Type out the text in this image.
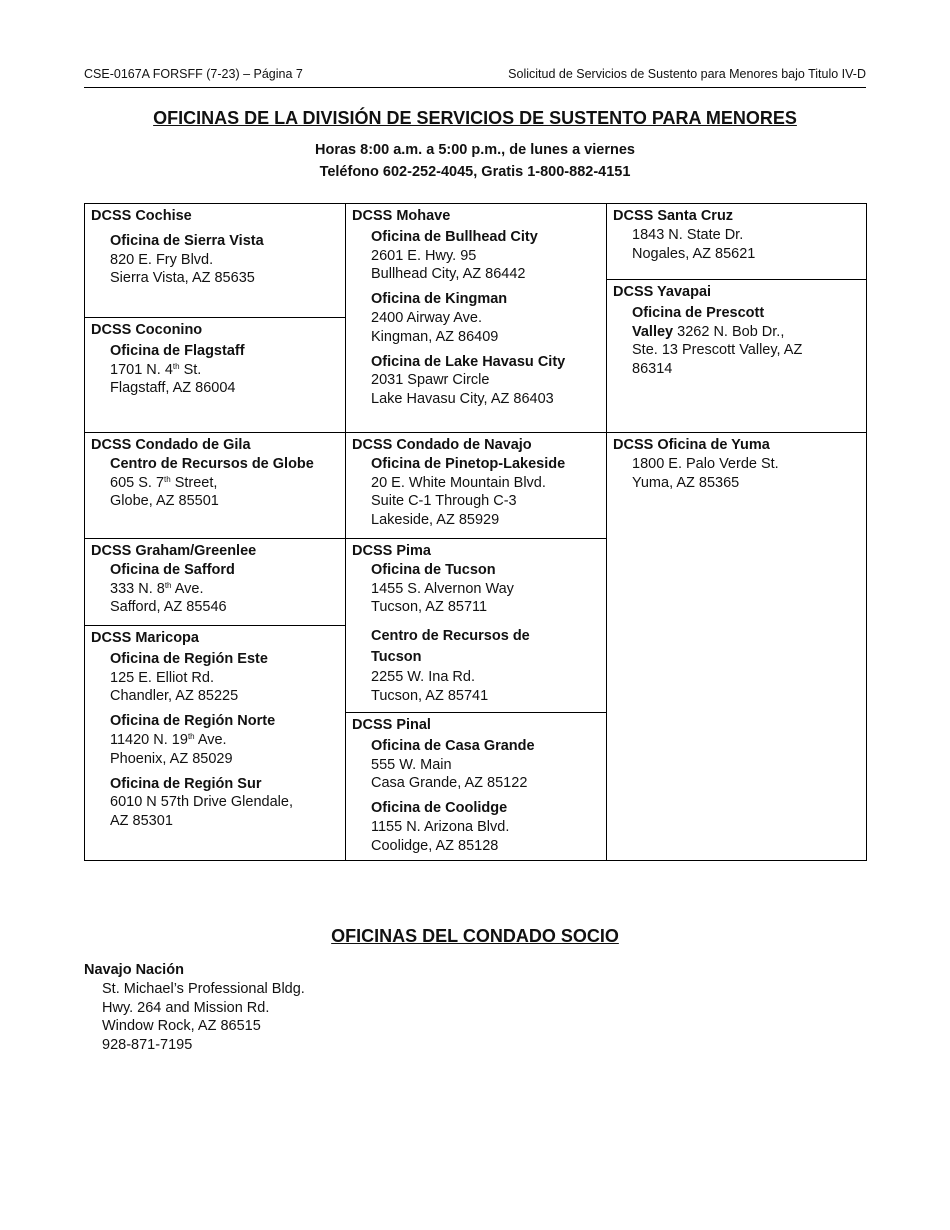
CSE-0167A FORSFF (7-23) – Página 7	Solicitud de Servicios de Sustento para Menores bajo Titulo IV-D
OFICINAS DE LA DIVISIÓN DE SERVICIOS DE SUSTENTO PARA MENORES
Horas 8:00 a.m. a 5:00 p.m., de lunes a viernes
Teléfono 602-252-4045, Gratis 1-800-882-4151
DCSS Cochise
Oficina de Sierra Vista
820 E. Fry Blvd.
Sierra Vista, AZ 85635
DCSS Coconino
Oficina de Flagstaff
1701 N. 4th St.
Flagstaff, AZ 86004
DCSS Mohave
Oficina de Bullhead City
2601 E. Hwy. 95
Bullhead City, AZ 86442
Oficina de Kingman
2400 Airway Ave.
Kingman, AZ 86409
Oficina de Lake Havasu City
2031 Spawr Circle
Lake Havasu City, AZ 86403
DCSS Santa Cruz
1843 N. State Dr.
Nogales, AZ 85621
DCSS Yavapai
Oficina de Prescott
Valley 3262 N. Bob Dr.,
Ste. 13 Prescott Valley, AZ
86314
DCSS Condado de Gila
Centro de Recursos de Globe
605 S. 7th Street,
Globe, AZ 85501
DCSS Condado de Navajo
Oficina de Pinetop-Lakeside
20 E. White Mountain Blvd.
Suite C-1 Through C-3
Lakeside, AZ 85929
DCSS Oficina de Yuma
1800 E. Palo Verde St.
Yuma, AZ 85365
DCSS Graham/Greenlee
Oficina de Safford
333 N. 8th Ave.
Safford, AZ 85546
DCSS Maricopa
Oficina de Región Este
125 E. Elliot Rd.
Chandler, AZ 85225
Oficina de Región Norte
11420 N. 19th Ave.
Phoenix, AZ 85029
Oficina de Región Sur
6010 N 57th Drive Glendale,
AZ 85301
DCSS Pima
Oficina de Tucson
1455 S. Alvernon Way
Tucson, AZ 85711
Centro de Recursos de
Tucson
2255 W. Ina Rd.
Tucson, AZ 85741
DCSS Pinal
Oficina de Casa Grande
555 W. Main
Casa Grande, AZ 85122
Oficina de Coolidge
1155 N. Arizona Blvd.
Coolidge, AZ 85128
OFICINAS DEL CONDADO SOCIO
Navajo Nación
St. Michael’s Professional Bldg.
Hwy. 264 and Mission Rd.
Window Rock, AZ 86515
928-871-7195
